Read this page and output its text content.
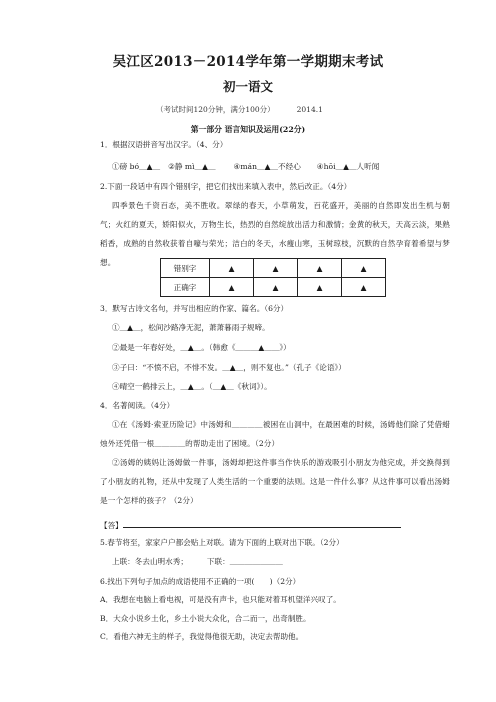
吴江区2013－2014学年第一学期期末考试
初一语文
（考试时间120分钟，满分100分）	2014.1
第一部分 语言知识及运用(22分)
1．根据汉语拼音写出汉字。（4、分）
①磅 bó＿▲＿ ②静 mì＿▲＿ ④mán＿▲＿不经心 ④hōi＿▲＿人听闻
2.下面一段话中有四个错别字，把它们找出来填入表中，然后改正。（4分）
四季景色千资百态，美不胜收。翠绿的春天，小草萌发，百花盛开，美丽的自然即发出生机与朝气；火红的夏天，娇阳似火，万物生长，热烈的自然绽放出活力和激情；金黄的秋天，天高云淡，果熟稻香，成熟的自然收获着自嚎与荣光；洁白的冬天，水瘦山寒，玉树琼枝，沉默的自然孕育着希望与梦想。
错别字	▲	▲	▲	▲
正确字	▲	▲	▲	▲
3．默写古诗文名句，并写出相应的作家、篇名。（6分）
①＿▲＿，松间沙路净无泥，萧萧暮雨子规啼。
②最是一年春好处，＿▲＿。（韩愈《＿＿＿▲＿＿》）
③子曰：“不愤不启，不悱不发。＿▲＿，则不复也。”（孔子《论语》）
④晴空一鹤排云上，＿▲＿。（＿▲＿《秋词》）。
4．名著阅读。（4分）
①在《汤姆·索亚历险记》中汤姆和＿＿＿＿被困在山洞中，在最困难的时候，汤姆他们除了凭借蜡烛外还凭借一根＿＿＿＿的帮助走出了困境。（2分）
②汤姆的姨妈让汤姆做一件事，汤姆却把这件事当作快乐的游戏吸引小朋友为他完成，并交换得到了小朋友的礼物，还从中发现了人类生活的一个重要的法则。这是一件什么事？从这件事可以看出汤姆是一个怎样的孩子？（2分）
【答】
5.春节将至，家家户户都会贴上对联。请为下面的上联对出下联。（2分）
上联：冬去山明水秀；　　　下联：＿＿＿＿＿＿＿
6.找出下列句子加点的成语使用不正确的一项(　　)（2分）
A．我想在电脑上看电视，可是没有声卡，也只能对着耳机望洋兴叹了。
B．大众小说乡土化，乡土小说大众化，合二而一，出奇制胜。
C．看他六神无主的样子，我觉得他很无助，决定去帮助他。
